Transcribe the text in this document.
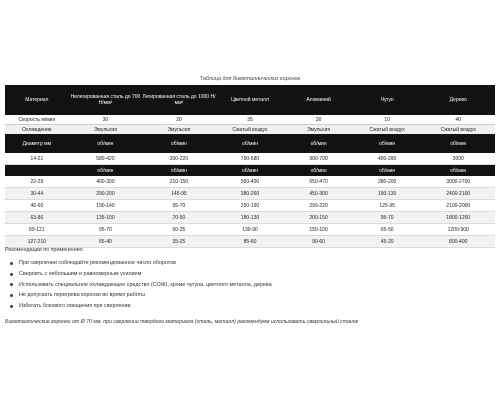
Таблица для биметаллических коронок
Материал	Нелегированная сталь до 700 Н/мм²	Легированная сталь до 1000 Н/мм²	Цветной металл	Алюминий	Чугун	Дерево
Скорость м/мин	30	20	35	30	10	40
Охлаждение	Эмульсия	Эмульсия	Сжатый воздух	Эмульсия	Сжатый воздух	Сжатый воздух
Диаметр мм	об/мин	об/мин	об/мин	об/мин	об/мин	об/мин
14-21	580-420	300-220	790-580	900-700	400-290	3000
	об/мин	об/мин	об/мин	об/мин	об/мин	об/мин
22-29	400-300	210-150	560-400	650-470	280-200	3000-2700
30-44	290-200	145-95	380-260	450-300	190-130	2400-2100
46-60	190-140	95-70	250-190	290-220	125-95	2100-2000
63-86	135-100	70-50	180-130	200-150	95-70	1800-1200
89-121	95-70	50-35	130-90	150-100	65-50	1200-900
127-210	65-40	35-25	85-60	90-60	45-20	800-400
Рекомендации по применению:
При сверлении соблюдайте рекомендованное число оборотов
Сверлить с небольшим и равномерным усилием
Использовать специальное охлаждающее средство (СОЖ), кроме чугуна, цветного металла, дерева
Не допускать перегрева коронки во время работы
Избегать бокового смещения при сверлении
Биметаллические коронки от Ø 70 мм, при сверлении твердого материала (сталь, металл) рекомендуем использовать сверлильный станок
